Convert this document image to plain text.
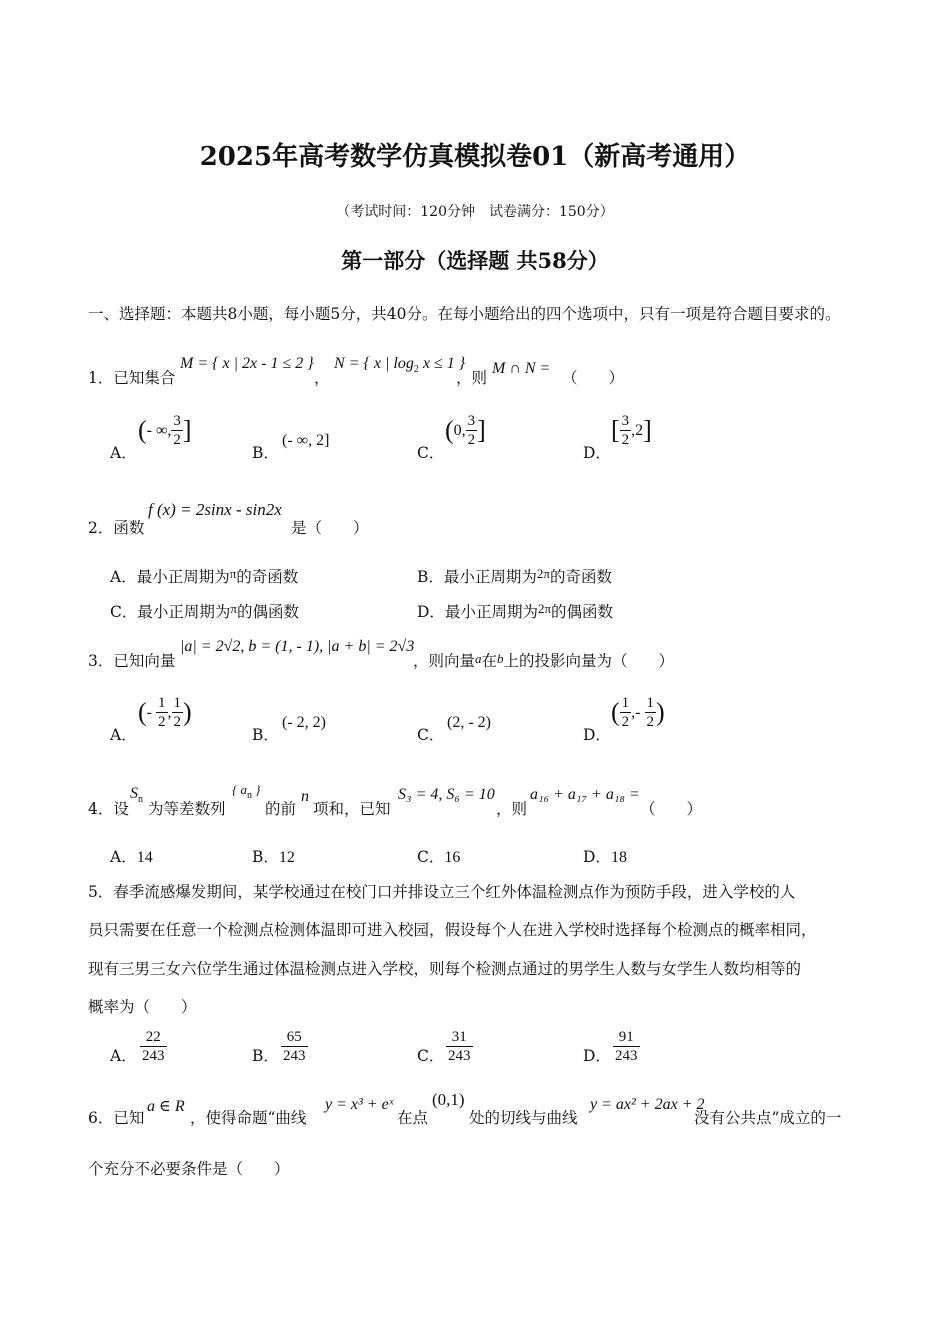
2025年高考数学仿真模拟卷01（新高考通用）
（考试时间：120分钟　试卷满分：150分）
第一部分（选择题 共58分）
一、选择题：本题共8小题，每小题5分，共40分。在每小题给出的四个选项中，只有一项是符合题目要求的。
1．已知集合
M = { x | 2x - 1 ≤ 2 }
，
N = { x | $\log_2 x \le 1$ }
，则
M ∩ N =
（　　）
A．
(- ∞, $\frac{3}{2}$ ]
B．
(- ∞, 2]
C．
(0, $\frac{3}{2}$ ]
D．
[ $\frac{3}{2} ,2$]
2．函数
f (x) = 2sinx - sin2x
是（　　）
A．最小正周期为$^\pi$的奇函数	B．最小正周期为$^{2\pi}$的奇函数
C．最小正周期为$^\pi$的偶函数	D．最小正周期为$^{2\pi}$的偶函数
3．已知向量
|a| = 2√2, b = (1, - 1), |a + b| = 2√3
，则向量a在b上的投影向量为（　　）
A．
(- $\frac{1}{2}$ , $\frac{1}{2}$ )
B．
(- 2, 2)
C．
(2, - 2)
D．
( $\frac{1}{2}$ ,- $\frac{1}{2}$ )
4．设
$S_n$
为等差数列
{ $a_n$ }
的前
n
项和，已知
S₃ = 4, S₆ = 10
，则
a₁₆ + a₁₇ + a₁₈ =
（　　）
A．14	B．12	C．16	D．18
5．春季流感爆发期间，某学校通过在校门口并排设立三个红外体温检测点作为预防手段，进入学校的人
员只需要在任意一个检测点检测体温即可进入校园，假设每个人在进入学校时选择每个检测点的概率相同，
现有三男三女六位学生通过体温检测点进入学校，则每个检测点通过的男学生人数与女学生人数均相等的
概率为（　　）
A． $\frac{22}{243}$	B． $\frac{65}{243}$	C． $\frac{31}{243}$	D． $\frac{91}{243}$
6．已知
a ∈ R
，使得命题“曲线
y = x³ + eˣ
在点
(0,1)
处的切线与曲线
y = ax² + 2ax + 2
没有公共点”成立的一
个充分不必要条件是（　　）
